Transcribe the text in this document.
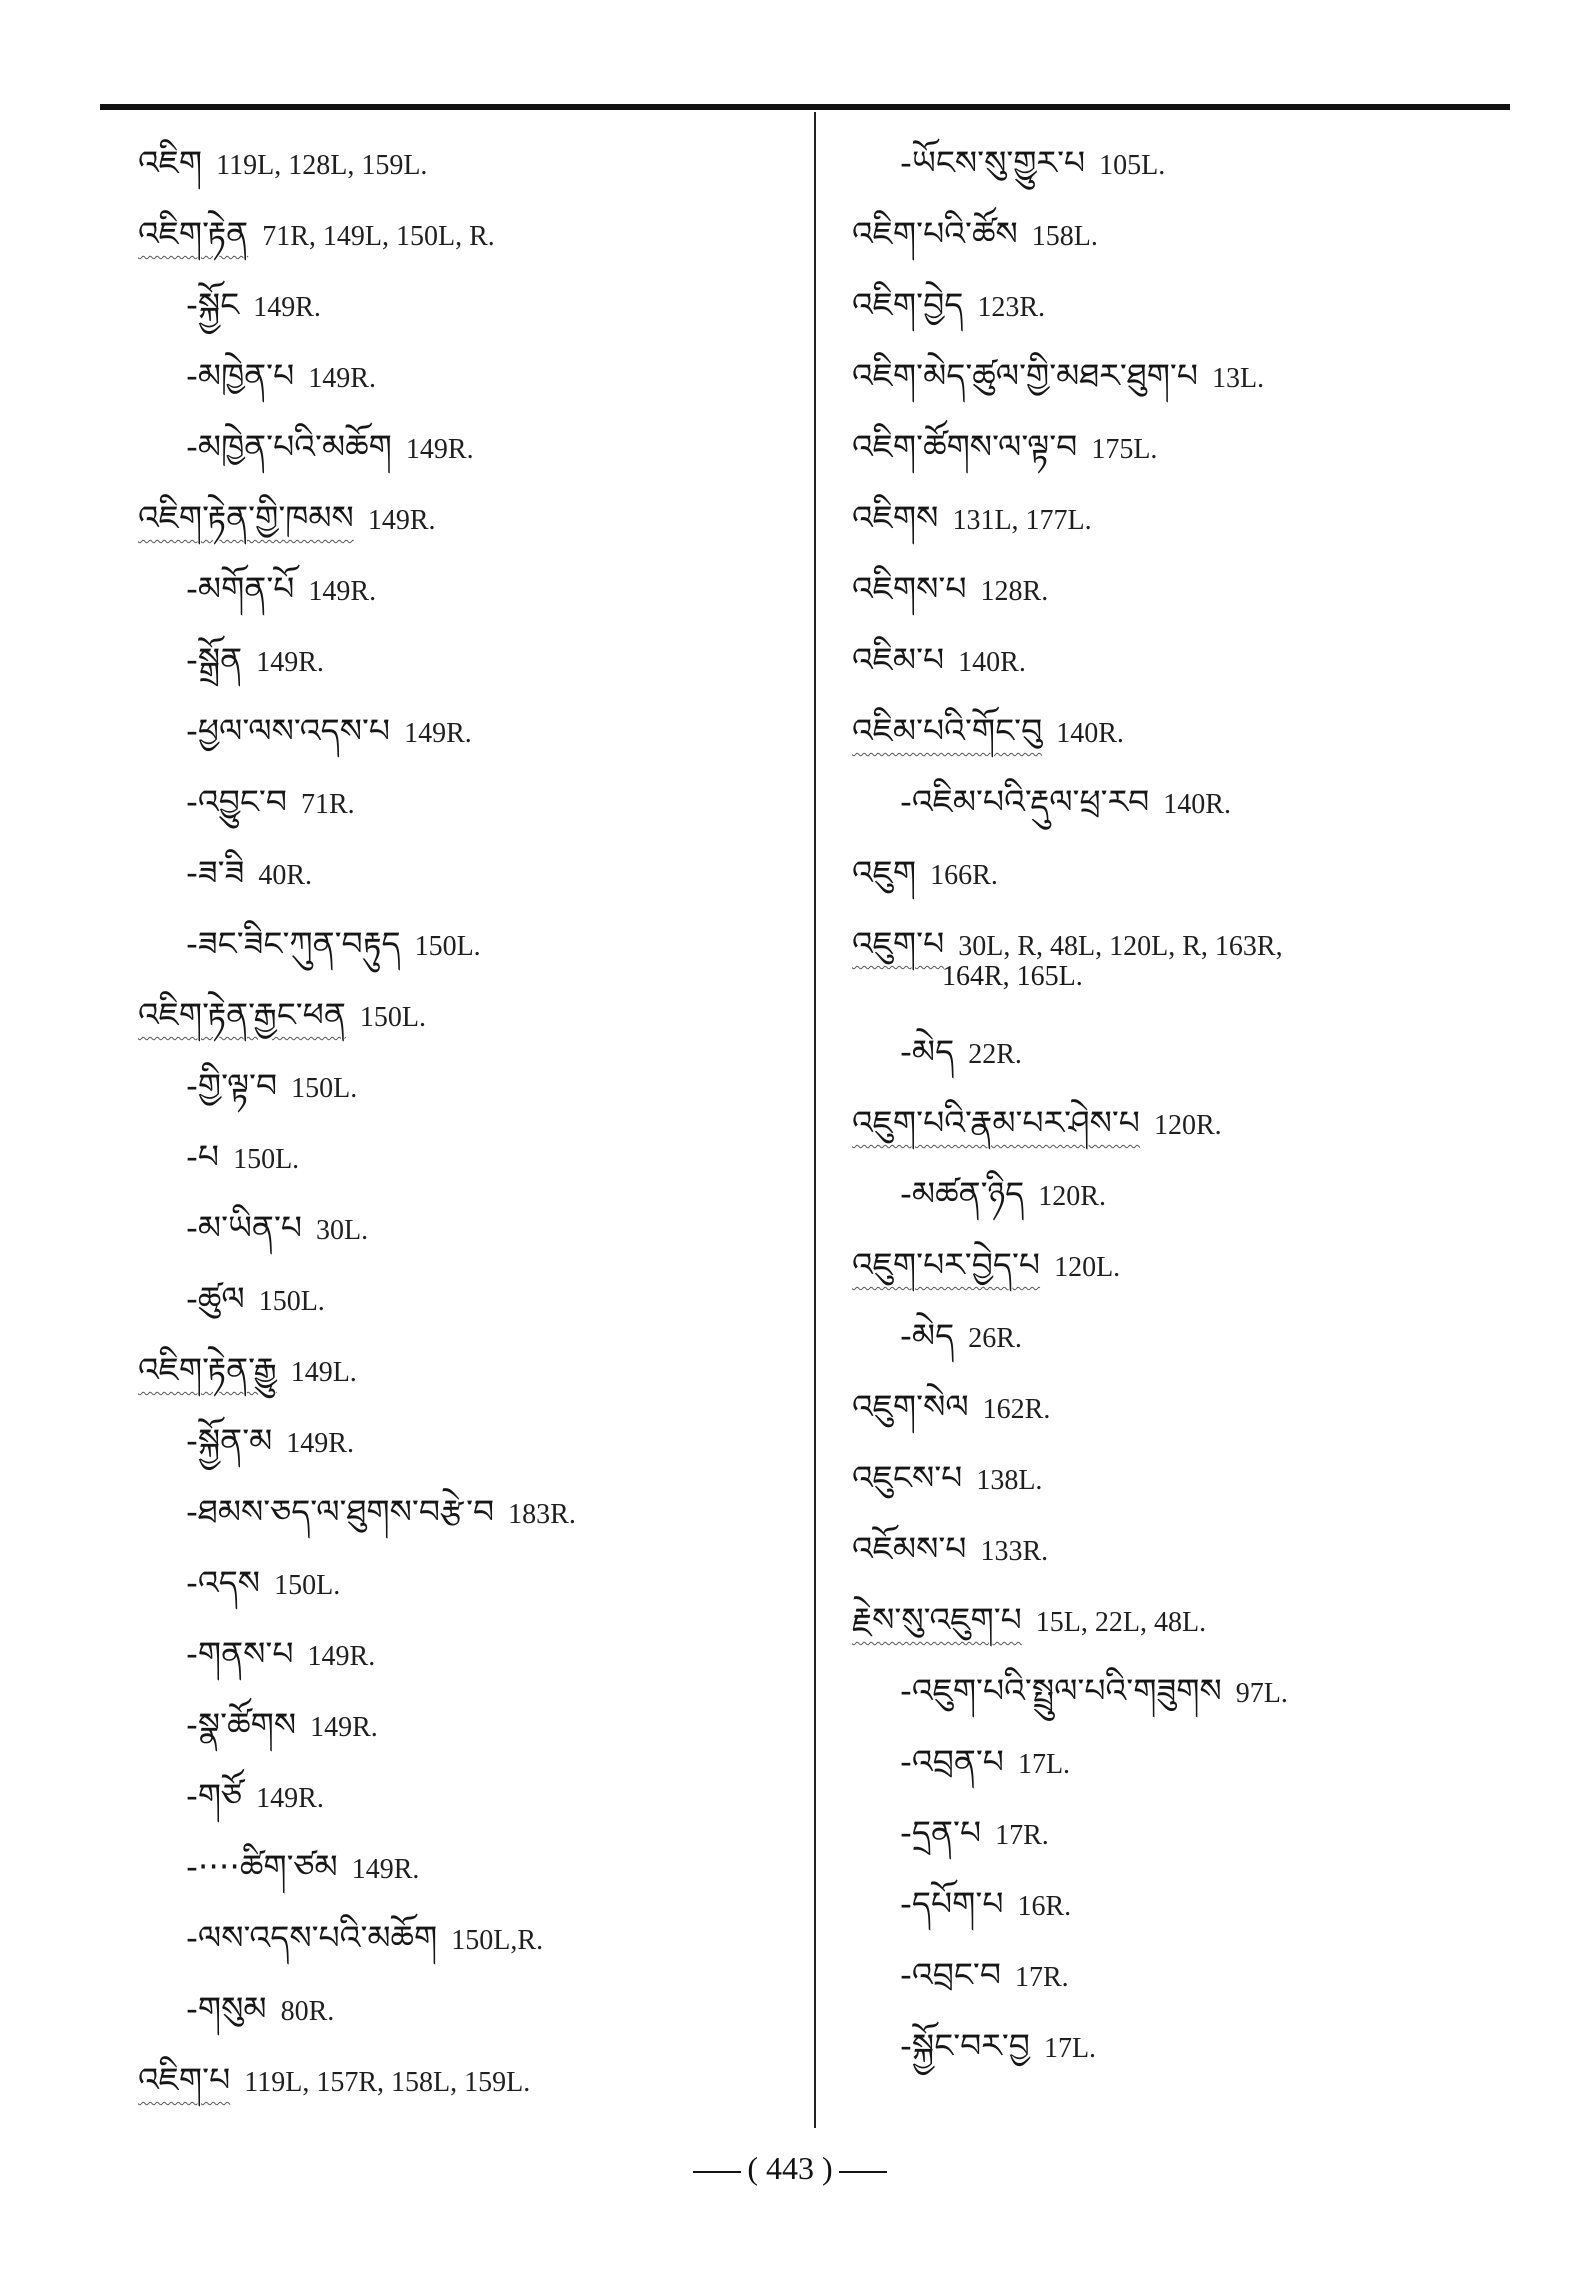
འཇིག 119L, 128L, 159L.
འཇིག་རྟེན 71R, 149L, 150L, R.
-སྐྱོང 149R.
-མཁྱེན་པ 149R.
-མཁྱེན་པའི་མཆོག 149R.
འཇིག་རྟེན་གྱི་ཁམས 149R.
-མགོན་པོ 149R.
-སྒྲོན 149R.
-ཕྱལ་ལས་འདས་པ 149R.
-འབྱུང་བ 71R.
-ཟ་ཟི 40R.
-ཟང་ཟིང་ཀུན་བརྟུད 150L.
འཇིག་རྟེན་རྒྱང་ཕན 150L.
-གྱི་ལྟ་བ 150L.
-པ 150L.
-མ་ཡིན་པ 30L.
-ཚུལ 150L.
འཇིག་རྟེན་རྒྱུ 149L.
-སྐྱོན་མ 149R.
-ཐམས་ཅད་ལ་ཐུགས་བརྩེ་བ 183R.
-འདས 150L.
-གནས་པ 149R.
-སྣ་ཚོགས 149R.
-གཙོ 149R.
-····ཚིག་ཙམ 149R.
-ལས་འདས་པའི་མཆོག 150L,R.
-གསུམ 80R.
འཇིག་པ 119L, 157R, 158L, 159L.
-ཡོངས་སུ་གྱུར་པ 105L.
འཇིག་པའི་ཚོས 158L.
འཇིག་བྱེད 123R.
འཇིག་མེད་ཚུལ་གྱི་མཐར་ཐུག་པ 13L.
འཇིག་ཚོགས་ལ་ལྟ་བ 175L.
འཇིགས 131L, 177L.
འཇིགས་པ 128R.
འཇིམ་པ 140R.
འཇིམ་པའི་གོང་བུ 140R.
-འཇིམ་པའི་རྡུལ་ཕྲ་རབ 140R.
འཇུག 166R.
འཇུག་པ 30L, R, 48L, 120L, R, 163R,
164R, 165L.
-མེད 22R.
འཇུག་པའི་རྣམ་པར་ཤེས་པ 120R.
-མཚན་ཉིད 120R.
འཇུག་པར་བྱེད་པ 120L.
-མེད 26R.
འཇུག་སེལ 162R.
འཇུངས་པ 138L.
འཇོམས་པ 133R.
རྗེས་སུ་འཇུག་པ 15L, 22L, 48L.
-འཇུག་པའི་སྤྲུལ་པའི་གཟུགས 97L.
-འབྲན་པ 17L.
-དྲན་པ 17R.
-དཔོག་པ 16R.
-འབྲང་བ 17R.
-སྐྱོང་བར་བྱ 17L.
( 443 )
